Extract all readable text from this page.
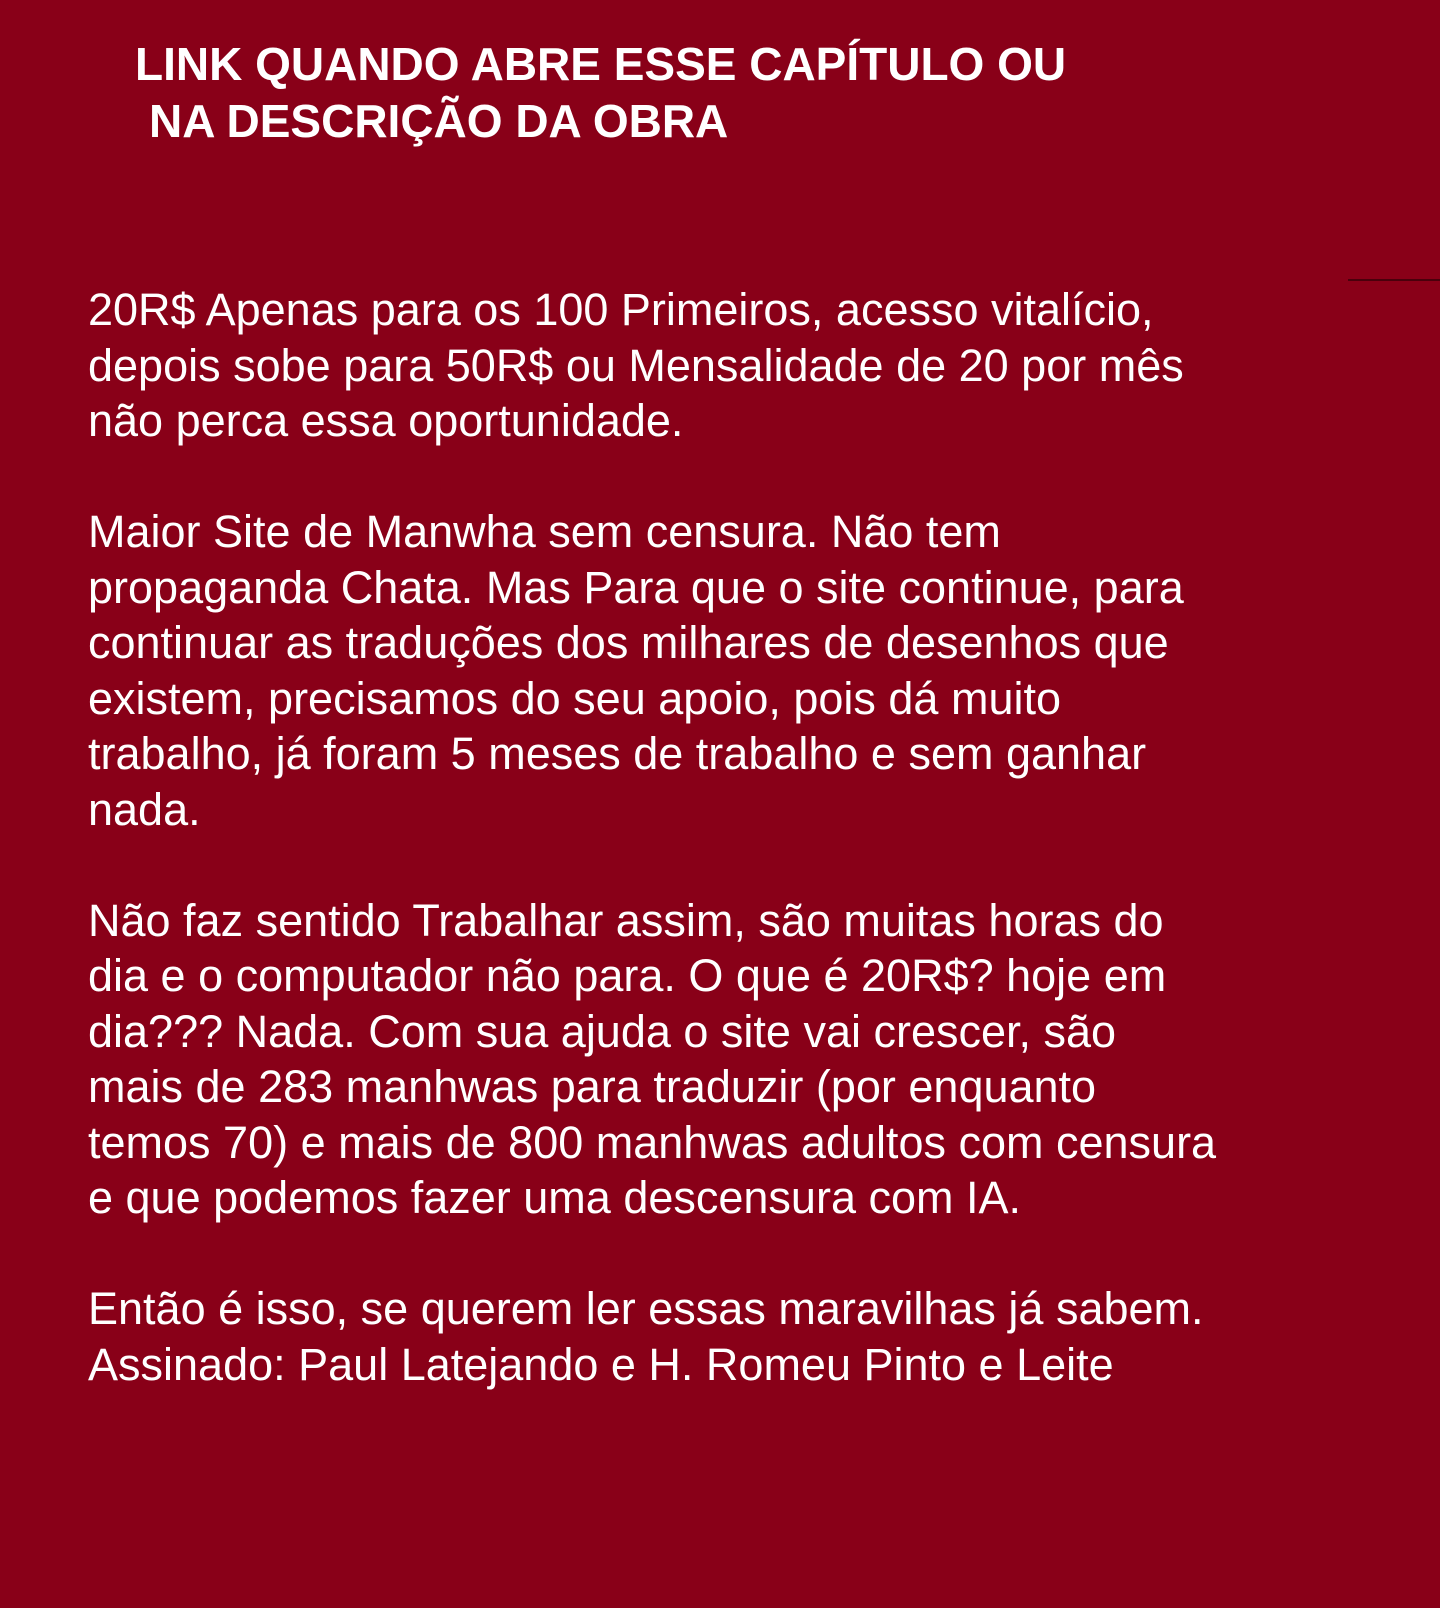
LINK QUANDO ABRE ESSE CAPÍTULO OU
NA DESCRIÇÃO DA OBRA

20R$ Apenas para os 100 Primeiros, acesso vitalício,
depois sobe para 50R$ ou Mensalidade de 20 por mês
não perca essa oportunidade.

Maior Site de Manwha sem censura. Não tem
propaganda Chata. Mas Para que o site continue, para
continuar as traduções dos milhares de desenhos que
existem, precisamos do seu apoio, pois dá muito
trabalho, já foram 5 meses de trabalho e sem ganhar
nada.

Não faz sentido Trabalhar assim, são muitas horas do
dia e o computador não para. O que é 20R$? hoje em
dia??? Nada. Com sua ajuda o site vai crescer, são
mais de 283 manhwas para traduzir (por enquanto
temos 70) e mais de 800 manhwas adultos com censura
e que podemos fazer uma descensura com IA.

Então é isso, se querem ler essas maravilhas já sabem.
Assinado: Paul Latejando e H. Romeu Pinto e Leite
